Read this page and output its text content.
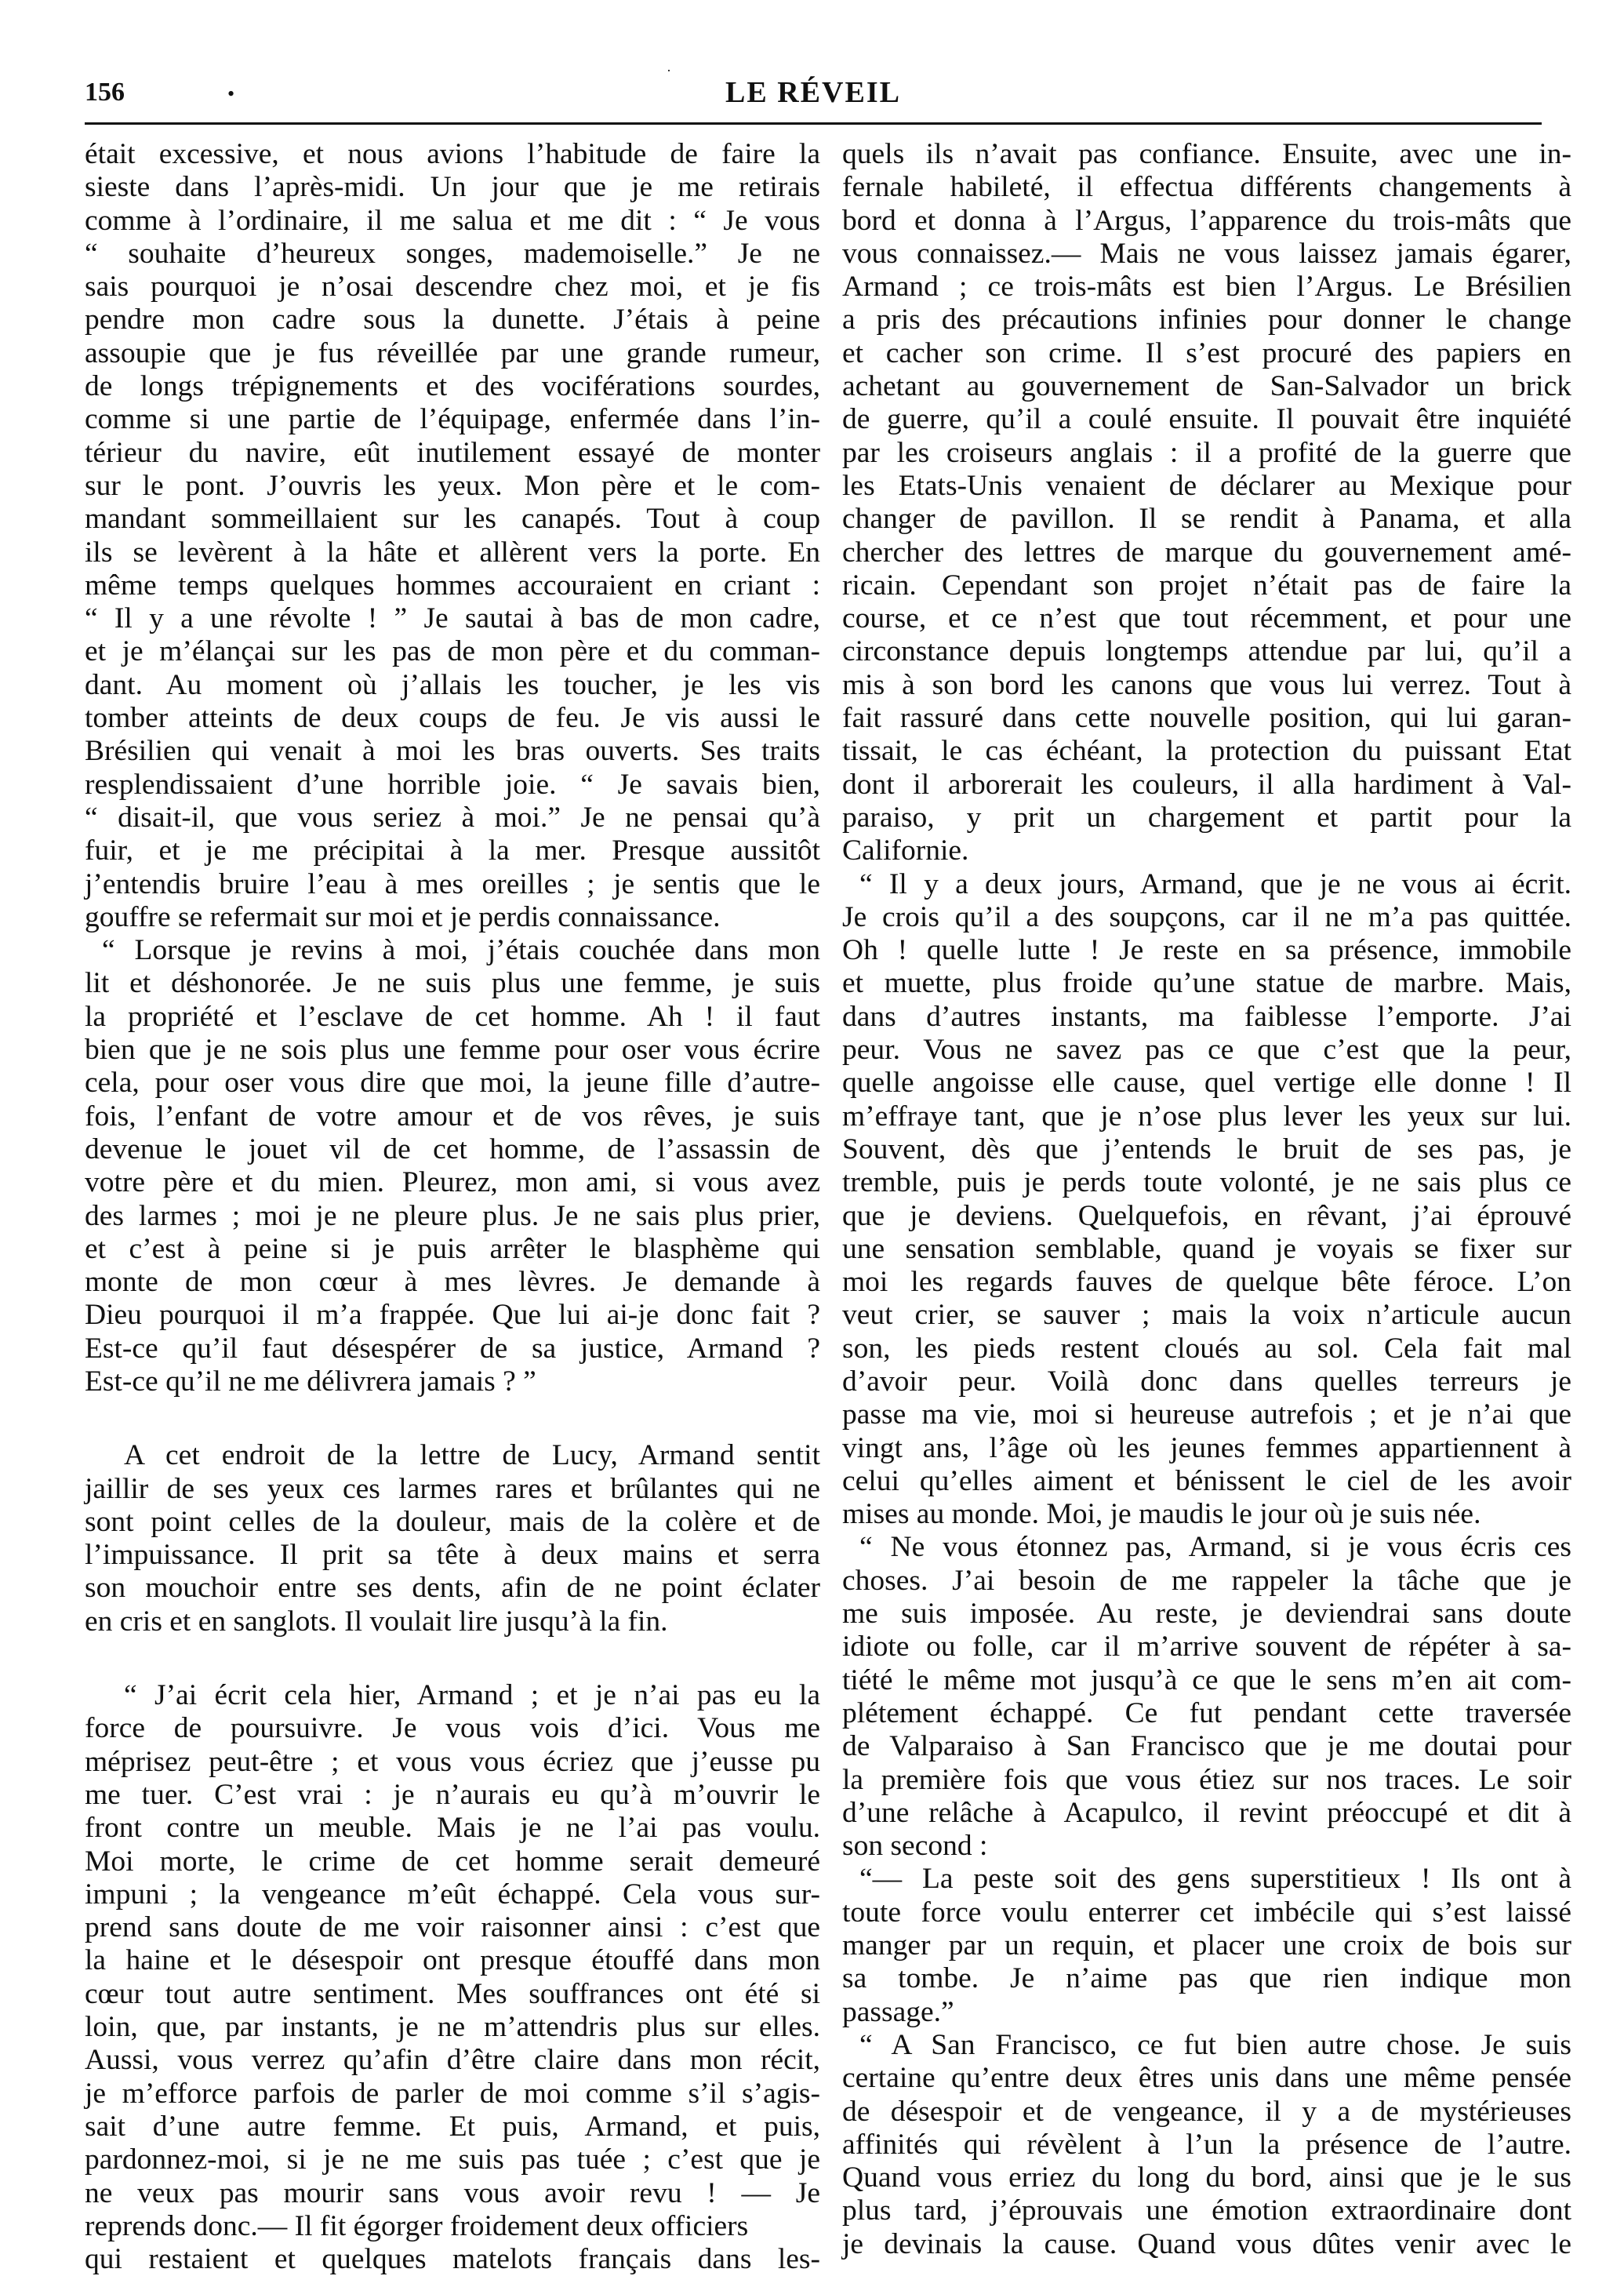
156	•
·
LE RÉVEIL
était excessive, et nous avions l’habitude de faire la
sieste dans l’après-midi. Un jour que je me retirais
comme à l’ordinaire, il me salua et me dit : “ Je vous
“ souhaite d’heureux songes, mademoiselle.” Je ne
sais pourquoi je n’osai descendre chez moi, et je fis
pendre mon cadre sous la dunette. J’étais à peine
assoupie que je fus réveillée par une grande rumeur,
de longs trépignements et des vociférations sourdes,
comme si une partie de l’équipage, enfermée dans l’in-
térieur du navire, eût inutilement essayé de monter
sur le pont. J’ouvris les yeux. Mon père et le com-
mandant sommeillaient sur les canapés. Tout à coup
ils se levèrent à la hâte et allèrent vers la porte. En
même temps quelques hommes accouraient en criant :
“ Il y a une révolte ! ” Je sautai à bas de mon cadre,
et je m’élançai sur les pas de mon père et du comman-
dant. Au moment où j’allais les toucher, je les vis
tomber atteints de deux coups de feu. Je vis aussi le
Brésilien qui venait à moi les bras ouverts. Ses traits
resplendissaient d’une horrible joie. “ Je savais bien,
“ disait-il, que vous seriez à moi.” Je ne pensai qu’à
fuir, et je me précipitai à la mer. Presque aussitôt
j’entendis bruire l’eau à mes oreilles ; je sentis que le
gouffre se refermait sur moi et je perdis connaissance.
“ Lorsque je revins à moi, j’étais couchée dans mon
lit et déshonorée. Je ne suis plus une femme, je suis
la propriété et l’esclave de cet homme. Ah ! il faut
bien que je ne sois plus une femme pour oser vous écrire
cela, pour oser vous dire que moi, la jeune fille d’autre-
fois, l’enfant de votre amour et de vos rêves, je suis
devenue le jouet vil de cet homme, de l’assassin de
votre père et du mien. Pleurez, mon ami, si vous avez
des larmes ; moi je ne pleure plus. Je ne sais plus prier,
et c’est à peine si je puis arrêter le blasphème qui
monte de mon cœur à mes lèvres. Je demande à
Dieu pourquoi il m’a frappée. Que lui ai-je donc fait ?
Est-ce qu’il faut désespérer de sa justice, Armand ?
Est-ce qu’il ne me délivrera jamais ? ”
A cet endroit de la lettre de Lucy, Armand sentit
jaillir de ses yeux ces larmes rares et brûlantes qui ne
sont point celles de la douleur, mais de la colère et de
l’impuissance. Il prit sa tête à deux mains et serra
son mouchoir entre ses dents, afin de ne point éclater
en cris et en sanglots. Il voulait lire jusqu’à la fin.
“ J’ai écrit cela hier, Armand ; et je n’ai pas eu la
force de poursuivre. Je vous vois d’ici. Vous me
méprisez peut-être ; et vous vous écriez que j’eusse pu
me tuer. C’est vrai : je n’aurais eu qu’à m’ouvrir le
front contre un meuble. Mais je ne l’ai pas voulu.
Moi morte, le crime de cet homme serait demeuré
impuni ; la vengeance m’eût échappé. Cela vous sur-
prend sans doute de me voir raisonner ainsi : c’est que
la haine et le désespoir ont presque étouffé dans mon
cœur tout autre sentiment. Mes souffrances ont été si
loin, que, par instants, je ne m’attendris plus sur elles.
Aussi, vous verrez qu’afin d’être claire dans mon récit,
je m’efforce parfois de parler de moi comme s’il s’agis-
sait d’une autre femme. Et puis, Armand, et puis,
pardonnez-moi, si je ne me suis pas tuée ; c’est que je
ne veux pas mourir sans vous avoir revu ! — Je
reprends donc.— Il fit égorger froidement deux officiers
qui restaient et quelques matelots français dans les-
quels ils n’avait pas confiance. Ensuite, avec une in-
fernale habileté, il effectua différents changements à
bord et donna à l’Argus, l’apparence du trois-mâts que
vous connaissez.— Mais ne vous laissez jamais égarer,
Armand ; ce trois-mâts est bien l’Argus. Le Brésilien
a pris des précautions infinies pour donner le change
et cacher son crime. Il s’est procuré des papiers en
achetant au gouvernement de San-Salvador un brick
de guerre, qu’il a coulé ensuite. Il pouvait être inquiété
par les croiseurs anglais : il a profité de la guerre que
les Etats-Unis venaient de déclarer au Mexique pour
changer de pavillon. Il se rendit à Panama, et alla
chercher des lettres de marque du gouvernement amé-
ricain. Cependant son projet n’était pas de faire la
course, et ce n’est que tout récemment, et pour une
circonstance depuis longtemps attendue par lui, qu’il a
mis à son bord les canons que vous lui verrez. Tout à
fait rassuré dans cette nouvelle position, qui lui garan-
tissait, le cas échéant, la protection du puissant Etat
dont il arborerait les couleurs, il alla hardiment à Val-
paraiso, y prit un chargement et partit pour la
Californie.
“ Il y a deux jours, Armand, que je ne vous ai écrit.
Je crois qu’il a des soupçons, car il ne m’a pas quittée.
Oh ! quelle lutte ! Je reste en sa présence, immobile
et muette, plus froide qu’une statue de marbre. Mais,
dans d’autres instants, ma faiblesse l’emporte. J’ai
peur. Vous ne savez pas ce que c’est que la peur,
quelle angoisse elle cause, quel vertige elle donne ! Il
m’effraye tant, que je n’ose plus lever les yeux sur lui.
Souvent, dès que j’entends le bruit de ses pas, je
tremble, puis je perds toute volonté, je ne sais plus ce
que je deviens. Quelquefois, en rêvant, j’ai éprouvé
une sensation semblable, quand je voyais se fixer sur
moi les regards fauves de quelque bête féroce. L’on
veut crier, se sauver ; mais la voix n’articule aucun
son, les pieds restent cloués au sol. Cela fait mal
d’avoir peur. Voilà donc dans quelles terreurs je
passe ma vie, moi si heureuse autrefois ; et je n’ai que
vingt ans, l’âge où les jeunes femmes appartiennent à
celui qu’elles aiment et bénissent le ciel de les avoir
mises au monde. Moi, je maudis le jour où je suis née.
“ Ne vous étonnez pas, Armand, si je vous écris ces
choses. J’ai besoin de me rappeler la tâche que je
me suis imposée. Au reste, je deviendrai sans doute
idiote ou folle, car il m’arrive souvent de répéter à sa-
tiété le même mot jusqu’à ce que le sens m’en ait com-
plétement échappé. Ce fut pendant cette traversée
de Valparaiso à San Francisco que je me doutai pour
la première fois que vous étiez sur nos traces. Le soir
d’une relâche à Acapulco, il revint préoccupé et dit à
son second :
“— La peste soit des gens superstitieux ! Ils ont à
toute force voulu enterrer cet imbécile qui s’est laissé
manger par un requin, et placer une croix de bois sur
sa tombe. Je n’aime pas que rien indique mon
passage.”
“ A San Francisco, ce fut bien autre chose. Je suis
certaine qu’entre deux êtres unis dans une même pensée
de désespoir et de vengeance, il y a de mystérieuses
affinités qui révèlent à l’un la présence de l’autre.
Quand vous erriez du long du bord, ainsi que je le sus
plus tard, j’éprouvais une émotion extraordinaire dont
je devinais la cause. Quand vous dûtes venir avec le
